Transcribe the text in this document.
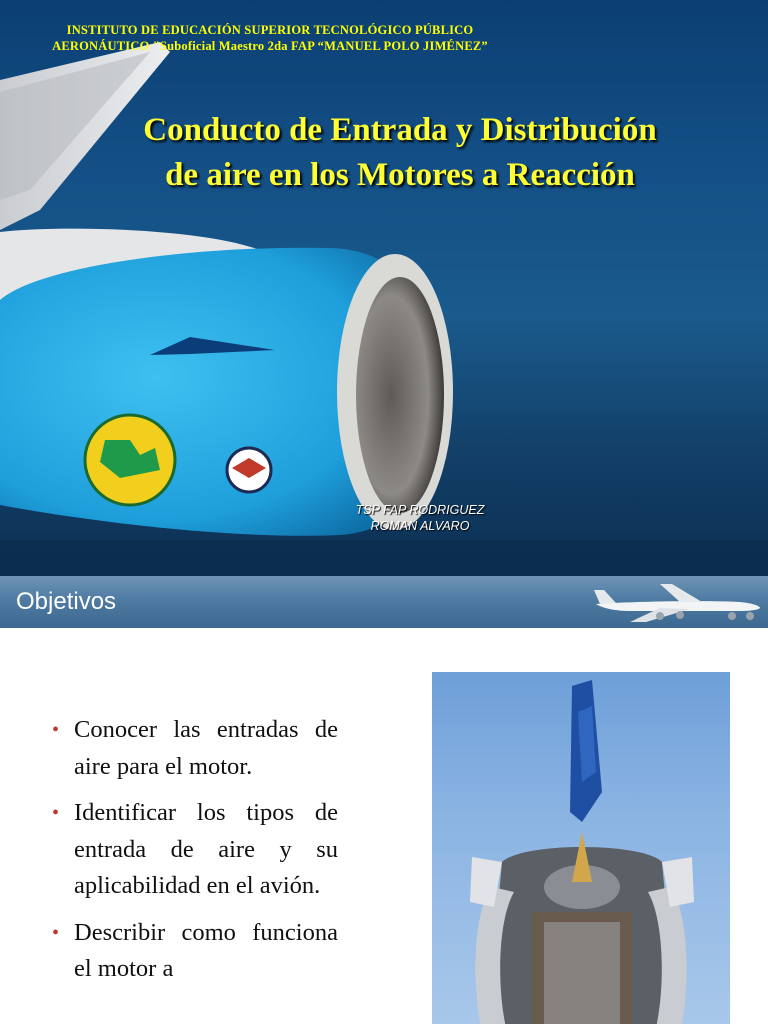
INSTITUTO DE EDUCACIÓN SUPERIOR TECNOLÓGICO PÚBLICO
AERONÁUTICO "Suboficial Maestro 2da FAP “MANUEL POLO JIMÉNEZ”
Conducto de Entrada y Distribución
de aire en los Motores a Reacción
TSP FAP RODRIGUEZ
ROMAN ALVARO
Objetivos
• Conocer las entradas de aire para el motor.
• Identificar los tipos de entrada de aire y su aplicabilidad en el avión.
• Describir como funciona el motor a
